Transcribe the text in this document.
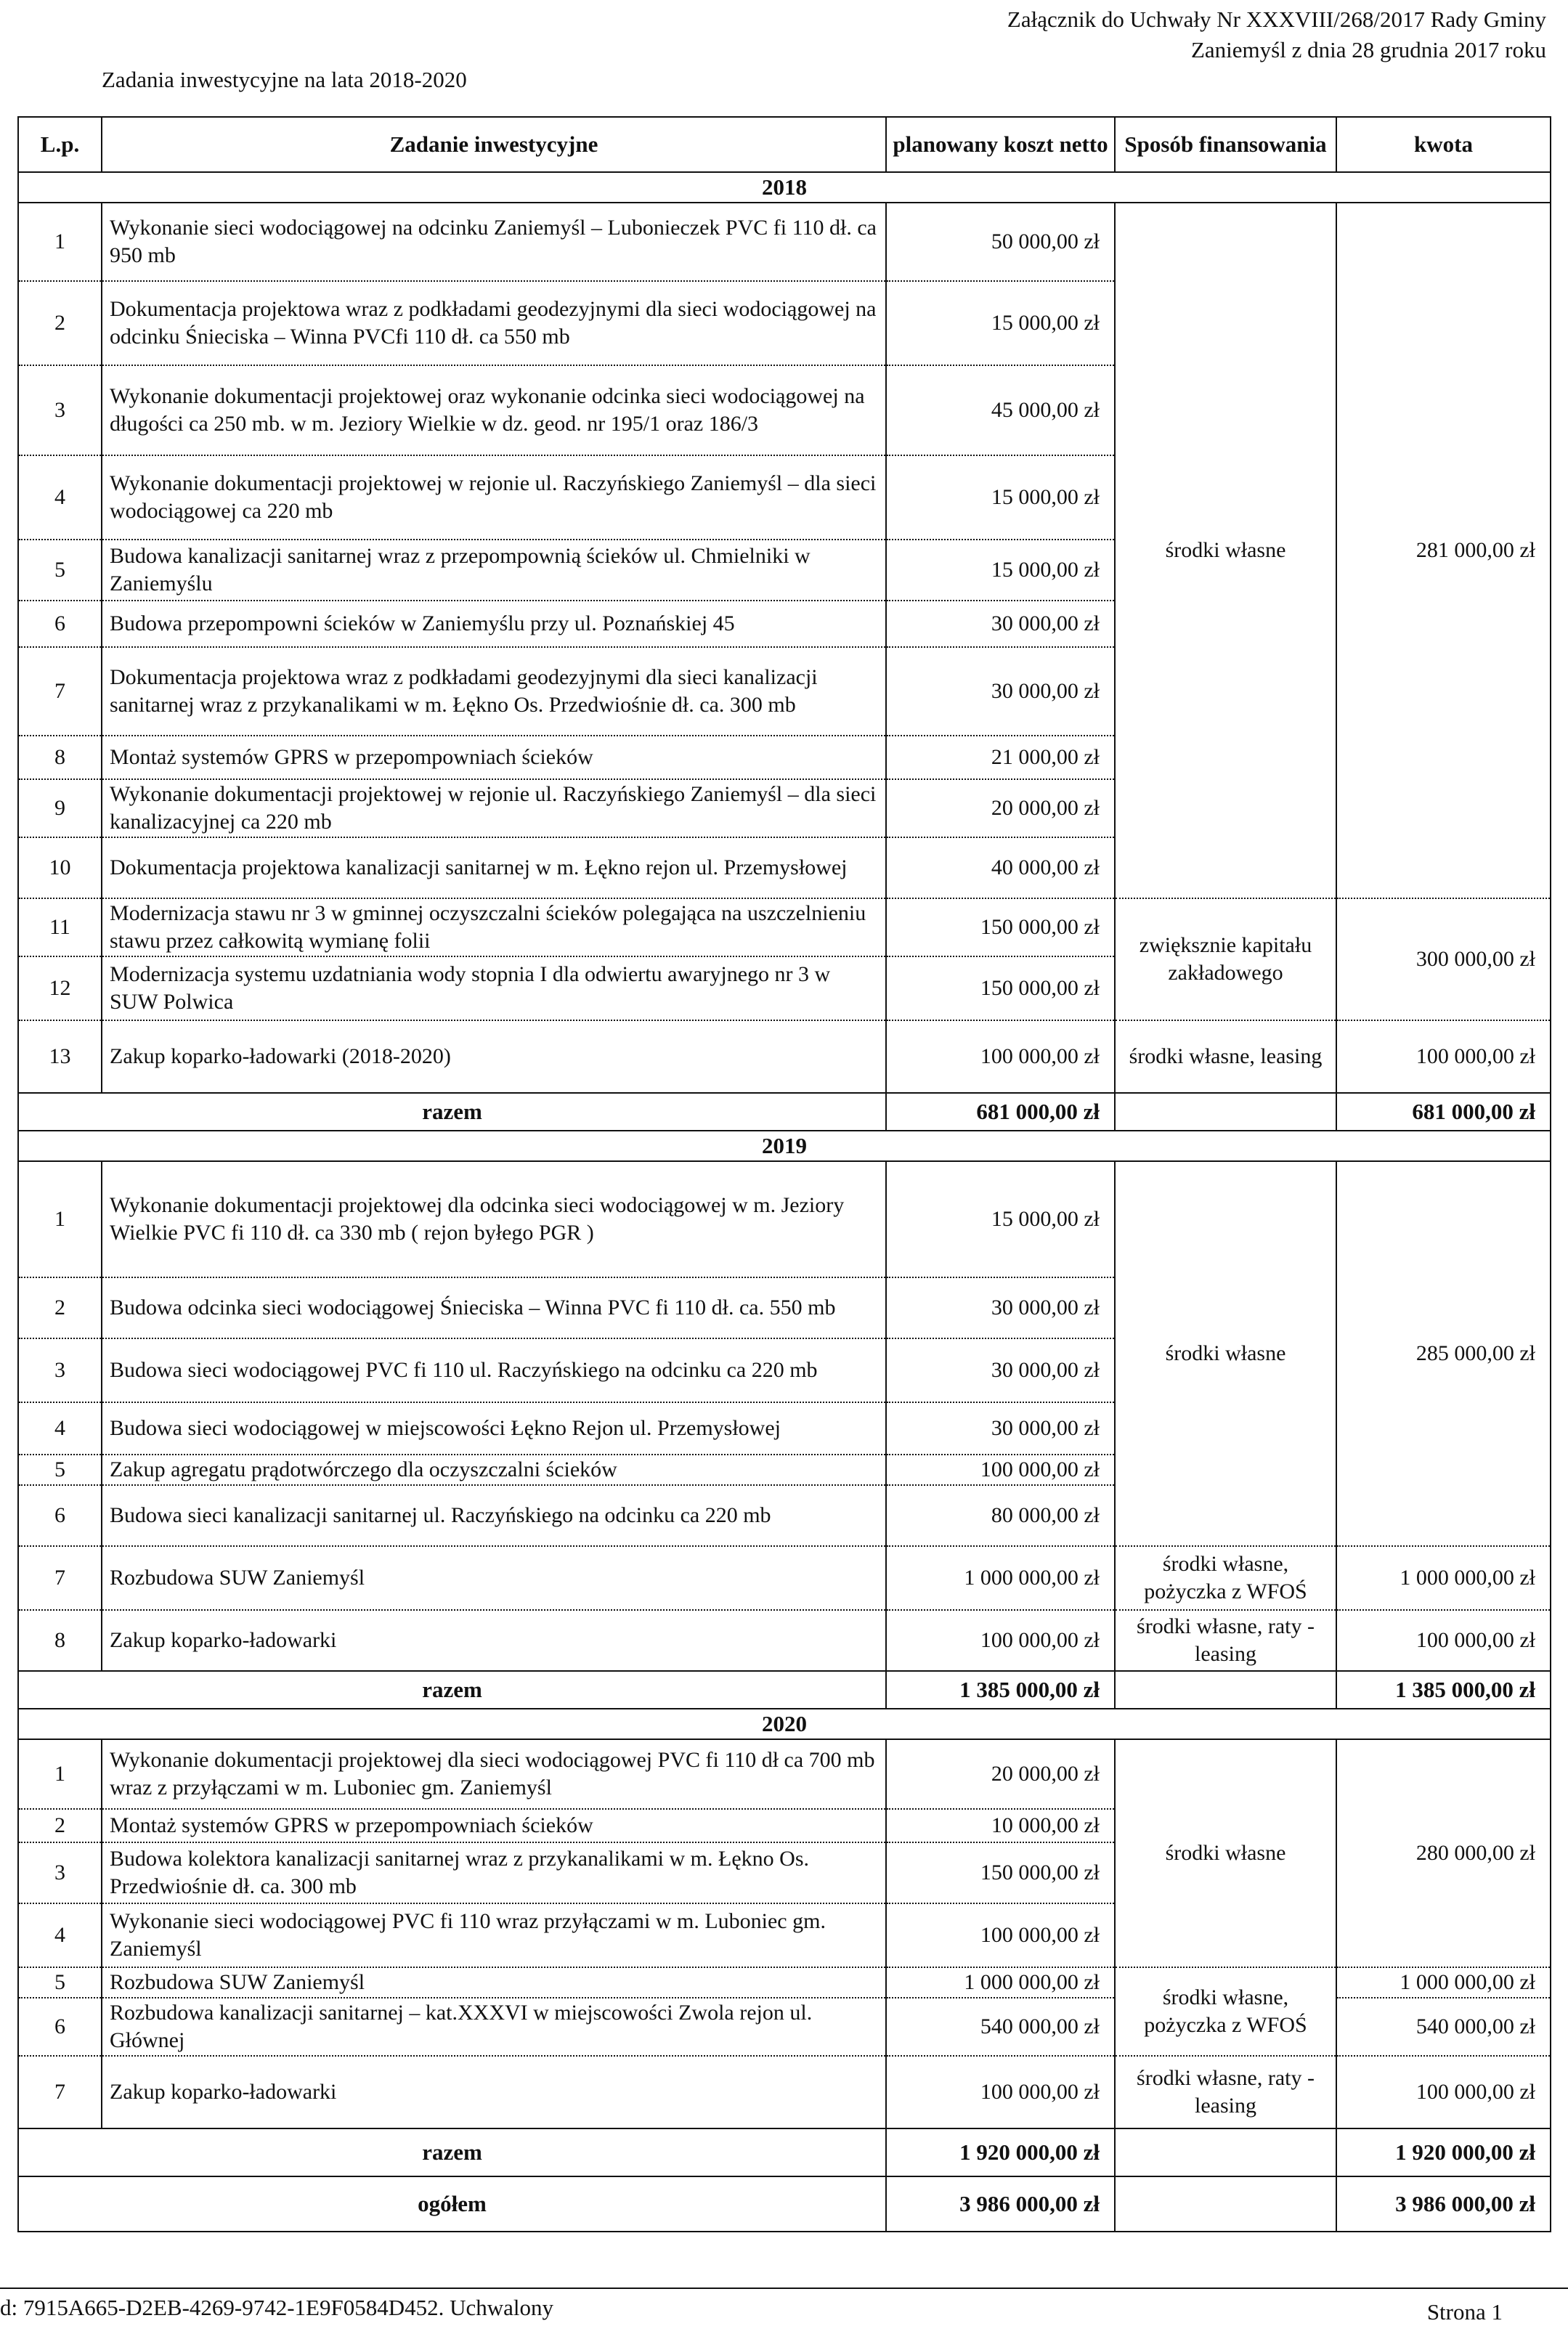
Załącznik do Uchwały Nr XXXVIII/268/2017 Rady Gminy
Zaniemyśl z dnia 28 grudnia 2017 roku
Zadania inwestycyjne na lata 2018-2020
L.p.	Zadanie inwestycyjne	planowany koszt netto	Sposób finansowania	kwota
2018				
1	Wykonanie sieci wodociągowej na odcinku Zaniemyśl – Lubonieczek PVC fi 110 dł. ca 950 mb	50 000,00 zł	środki własne	281 000,00 zł
2	Dokumentacja projektowa wraz z podkładami geodezyjnymi dla sieci wodociągowej na odcinku Śnieciska – Winna PVCfi 110 dł. ca 550 mb	15 000,00 zł		
3	Wykonanie dokumentacji projektowej oraz wykonanie odcinka sieci wodociągowej na długości ca 250 mb. w m. Jeziory Wielkie w dz. geod. nr 195/1 oraz 186/3	45 000,00 zł		
4	Wykonanie dokumentacji projektowej w rejonie ul. Raczyńskiego Zaniemyśl – dla sieci wodociągowej ca 220 mb	15 000,00 zł		
5	Budowa kanalizacji sanitarnej wraz z przepompownią ścieków ul. Chmielniki w Zaniemyślu	15 000,00 zł		
6	Budowa przepompowni ścieków w Zaniemyślu przy ul. Poznańskiej 45	30 000,00 zł		
7	Dokumentacja projektowa wraz z podkładami geodezyjnymi dla sieci kanalizacji sanitarnej wraz z przykanalikami w m. Łękno Os. Przedwiośnie dł. ca. 300 mb	30 000,00 zł		
8	Montaż systemów GPRS w przepompowniach ścieków	21 000,00 zł		
9	Wykonanie dokumentacji projektowej w rejonie ul. Raczyńskiego Zaniemyśl – dla sieci kanalizacyjnej ca 220 mb	20 000,00 zł		
10	Dokumentacja projektowa kanalizacji sanitarnej w m. Łękno rejon ul. Przemysłowej	40 000,00 zł		
11	Modernizacja stawu nr 3 w gminnej oczyszczalni ścieków polegająca na uszczelnieniu stawu przez całkowitą wymianę folii	150 000,00 zł	zwiększnie kapitału zakładowego	300 000,00 zł
12	Modernizacja systemu uzdatniania wody stopnia I dla odwiertu awaryjnego nr 3 w SUW Polwica	150 000,00 zł		
13	Zakup koparko-ładowarki (2018-2020)	100 000,00 zł	środki własne, leasing	100 000,00 zł
razem		681 000,00 zł		681 000,00 zł
2019				
1	Wykonanie dokumentacji projektowej dla odcinka sieci wodociągowej w m. Jeziory Wielkie PVC fi 110 dł. ca 330 mb ( rejon byłego PGR )	15 000,00 zł	środki własne	285 000,00 zł
2	Budowa odcinka sieci wodociągowej Śnieciska – Winna PVC fi 110 dł. ca. 550 mb	30 000,00 zł		
3	Budowa sieci wodociągowej PVC fi 110 ul. Raczyńskiego na odcinku ca 220 mb	30 000,00 zł		
4	Budowa sieci wodociągowej w miejscowości Łękno Rejon ul. Przemysłowej	30 000,00 zł		
5	Zakup agregatu prądotwórczego dla oczyszczalni ścieków	100 000,00 zł		
6	Budowa sieci kanalizacji sanitarnej ul. Raczyńskiego na odcinku ca 220 mb	80 000,00 zł		
7	Rozbudowa SUW Zaniemyśl	1 000 000,00 zł	środki własne, pożyczka z WFOŚ	1 000 000,00 zł
8	Zakup koparko-ładowarki	100 000,00 zł	środki własne, raty - leasing	100 000,00 zł
razem		1 385 000,00 zł		1 385 000,00 zł
2020				
1	Wykonanie dokumentacji projektowej dla sieci wodociągowej PVC fi 110 dł ca 700 mb wraz z przyłączami w m. Luboniec gm. Zaniemyśl	20 000,00 zł	środki własne	280 000,00 zł
2	Montaż systemów GPRS w przepompowniach ścieków	10 000,00 zł		
3	Budowa kolektora kanalizacji sanitarnej wraz z przykanalikami w m. Łękno Os. Przedwiośnie dł. ca. 300 mb	150 000,00 zł		
4	Wykonanie sieci wodociągowej PVC fi 110 wraz przyłączami w m. Luboniec gm. Zaniemyśl	100 000,00 zł		
5	Rozbudowa SUW Zaniemyśl	1 000 000,00 zł	środki własne, pożyczka z WFOŚ	1 000 000,00 zł
6	Rozbudowa kanalizacji sanitarnej – kat.XXXVI w miejscowości Zwola rejon ul. Głównej	540 000,00 zł		540 000,00 zł
7	Zakup koparko-ładowarki	100 000,00 zł	środki własne, raty - leasing	100 000,00 zł
razem		1 920 000,00 zł		1 920 000,00 zł
ogółem		3 986 000,00 zł		3 986 000,00 zł
d: 7915A665-D2EB-4269-9742-1E9F0584D452. Uchwalony	Strona 1
